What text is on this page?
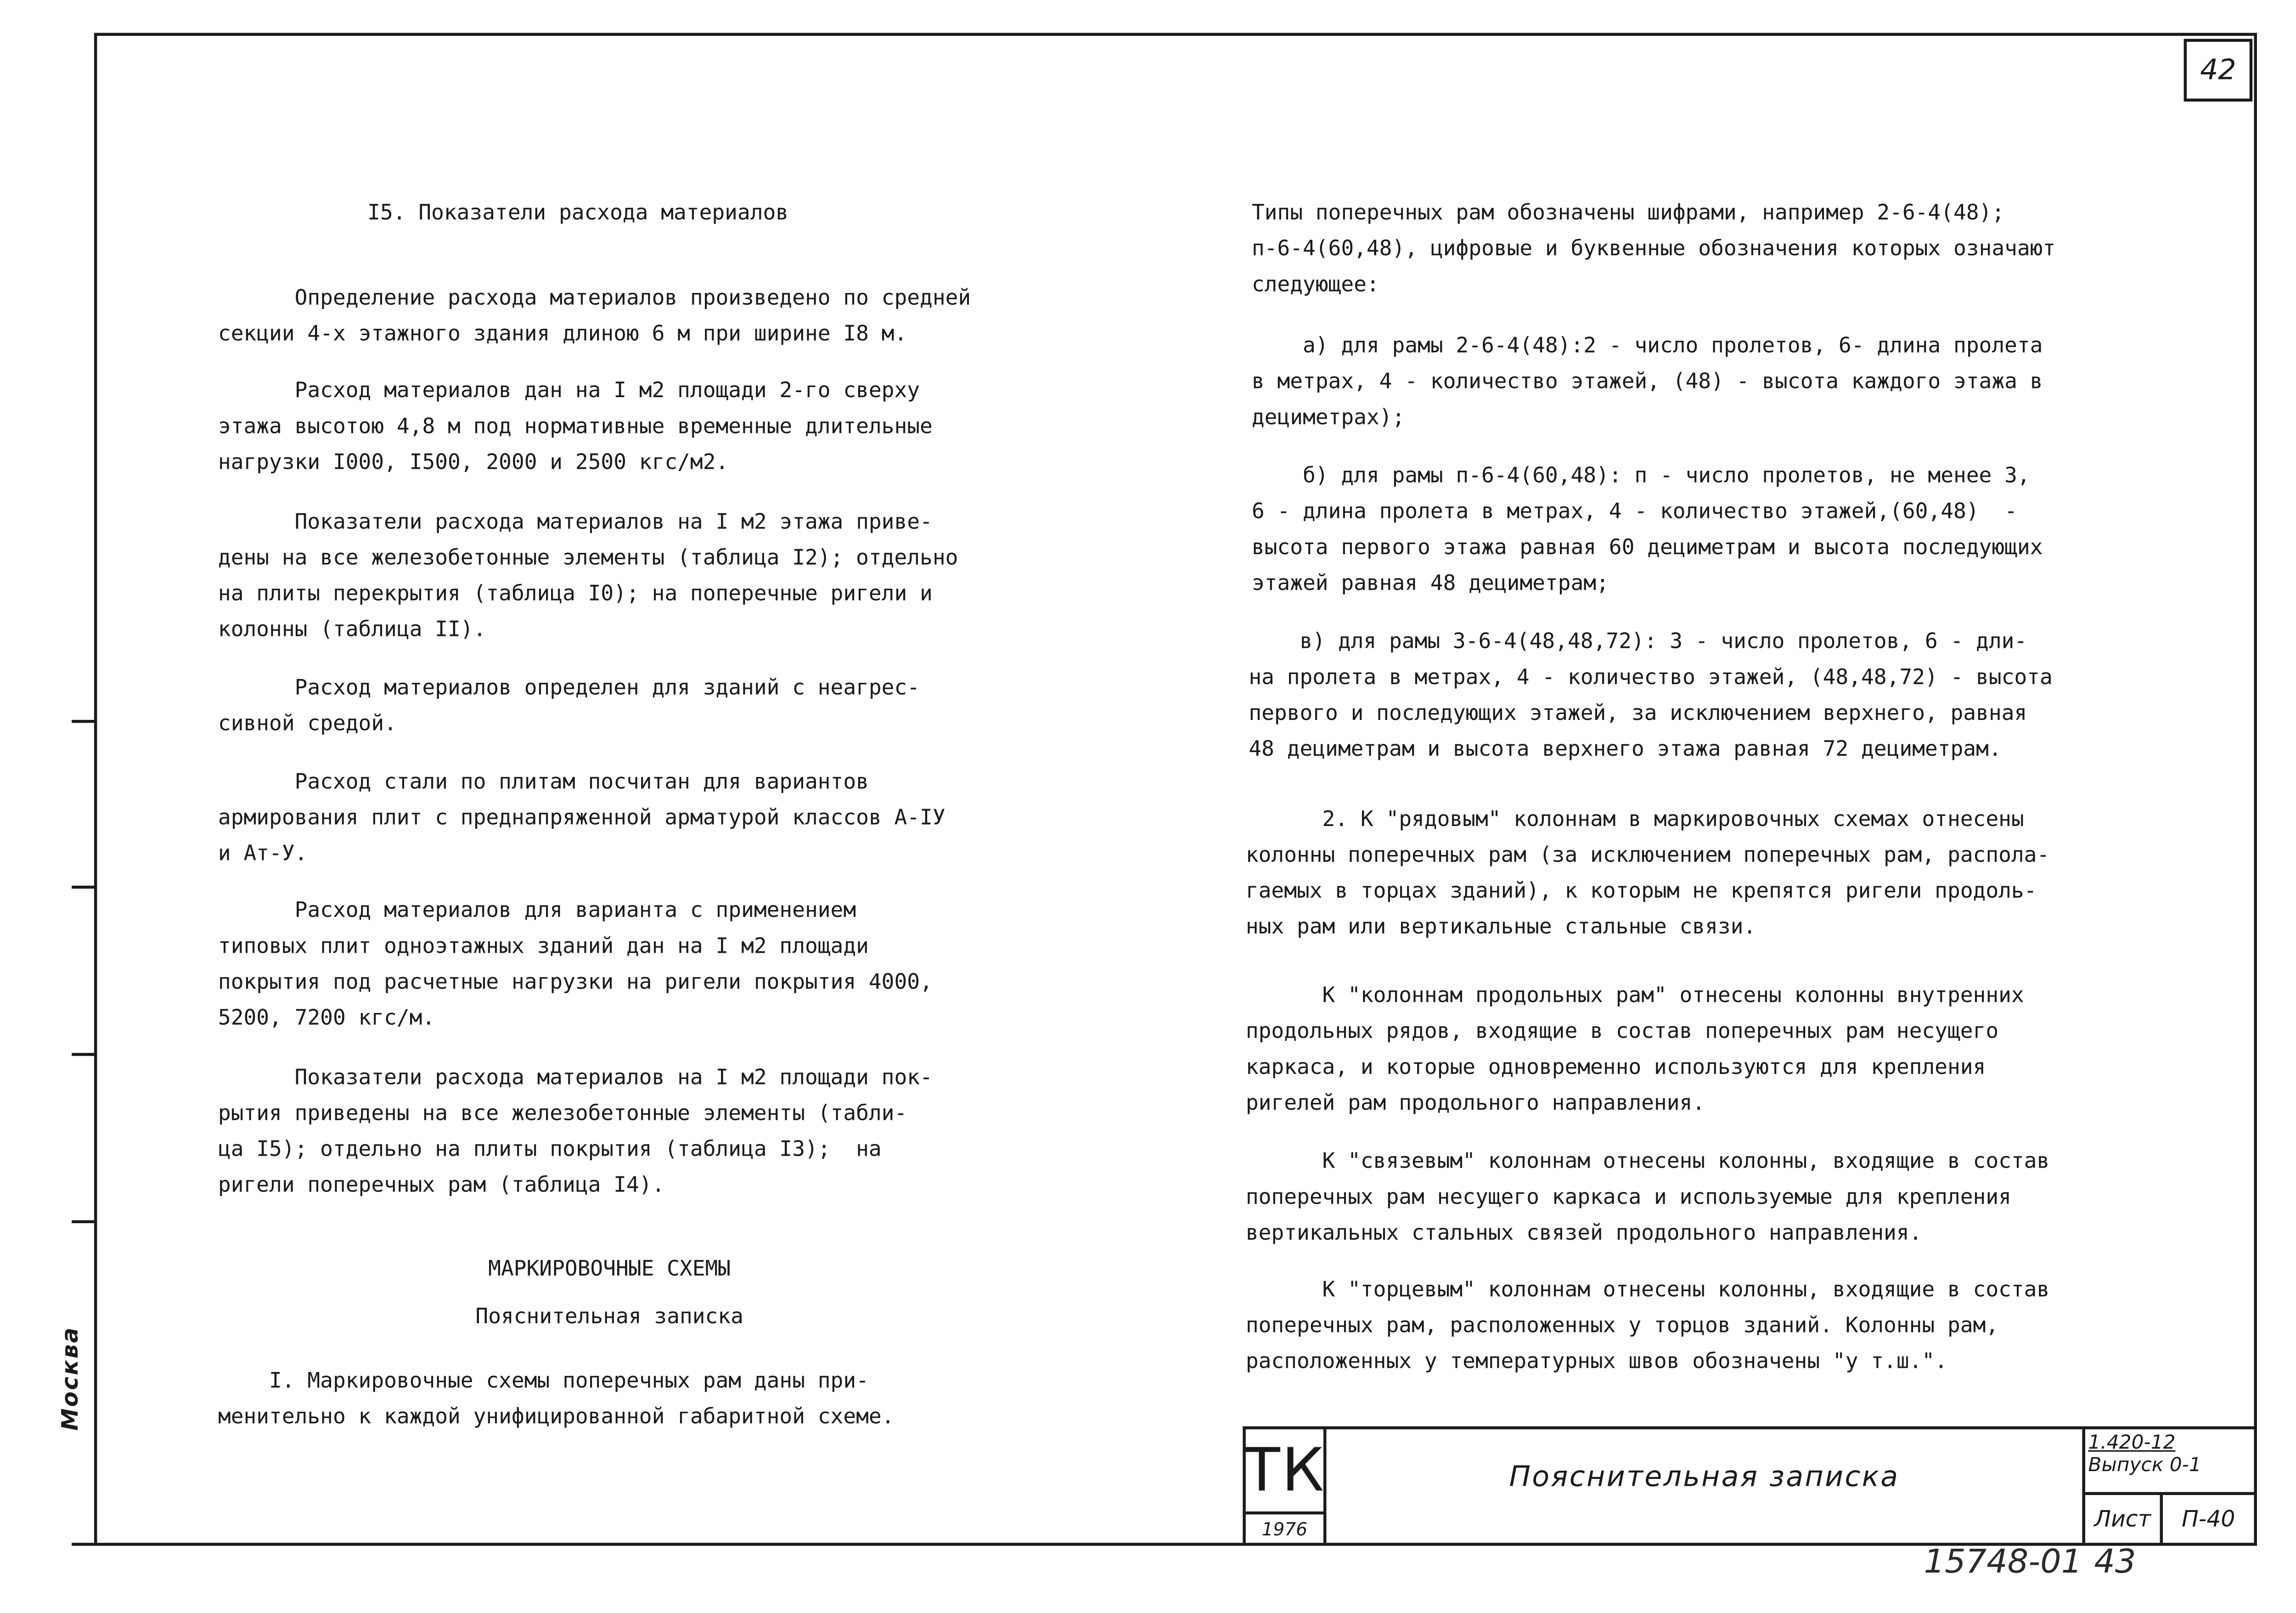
42
Москва
I5. Показатели расхода материалов
Определение расхода материалов произведено по средней
секции 4-х этажного здания длиною 6 м при ширине I8 м.
Расход материалов дан на I м2 площади 2-го сверху
этажа высотою 4,8 м под нормативные временные длительные
нагрузки I000, I500, 2000 и 2500 кгс/м2.
Показатели расхода материалов на I м2 этажа приве-
дены на все железобетонные элементы (таблица I2); отдельно
на плиты перекрытия (таблица I0); на поперечные ригели и
колонны (таблица II).
Расход материалов определен для зданий с неагрес-
сивной средой.
Расход стали по плитам посчитан для вариантов
армирования плит с преднапряженной арматурой классов А-IУ
и Ат-У.
Расход материалов для варианта с применением
типовых плит одноэтажных зданий дан на I м2 площади
покрытия под расчетные нагрузки на ригели покрытия 4000,
5200, 7200 кгс/м.
Показатели расхода материалов на I м2 площади пок-
рытия приведены на все железобетонные элементы (табли-
ца I5); отдельно на плиты покрытия (таблица I3);  на
ригели поперечных рам (таблица I4).
МАРКИРОВОЧНЫЕ СХЕМЫ
Пояснительная записка
I. Маркировочные схемы поперечных рам даны при-
менительно к каждой унифицированной габаритной схеме.
Типы поперечных рам обозначены шифрами, например 2-6-4(48);
п-6-4(60,48), цифровые и буквенные обозначения которых означают
следующее:
а) для рамы 2-6-4(48):2 - число пролетов, 6- длина пролета
в метрах, 4 - количество этажей, (48) - высота каждого этажа в
дециметрах);
б) для рамы п-6-4(60,48): п - число пролетов, не менее 3,
6 - длина пролета в метрах, 4 - количество этажей,(60,48)  -
высота первого этажа равная 60 дециметрам и высота последующих
этажей равная 48 дециметрам;
в) для рамы 3-6-4(48,48,72): 3 - число пролетов, 6 - дли-
на пролета в метрах, 4 - количество этажей, (48,48,72) - высота
первого и последующих этажей, за исключением верхнего, равная
48 дециметрам и высота верхнего этажа равная 72 дециметрам.
2. К "рядовым" колоннам в маркировочных схемах отнесены
колонны поперечных рам (за исключением поперечных рам, распола-
гаемых в торцах зданий), к которым не крепятся ригели продоль-
ных рам или вертикальные стальные связи.
К "колоннам продольных рам" отнесены колонны внутренних
продольных рядов, входящие в состав поперечных рам несущего
каркаса, и которые одновременно используются для крепления
ригелей рам продольного направления.
К "связевым" колоннам отнесены колонны, входящие в состав
поперечных рам несущего каркаса и используемые для крепления
вертикальных стальных связей продольного направления.
К "торцевым" колоннам отнесены колонны, входящие в состав
поперечных рам, расположенных у торцов зданий. Колонны рам,
расположенных у температурных швов обозначены "у т.ш.".
ТК
1976
Пояснительная записка
1.420-12
Выпуск 0-1
Лист	П-40
15748-01 43
